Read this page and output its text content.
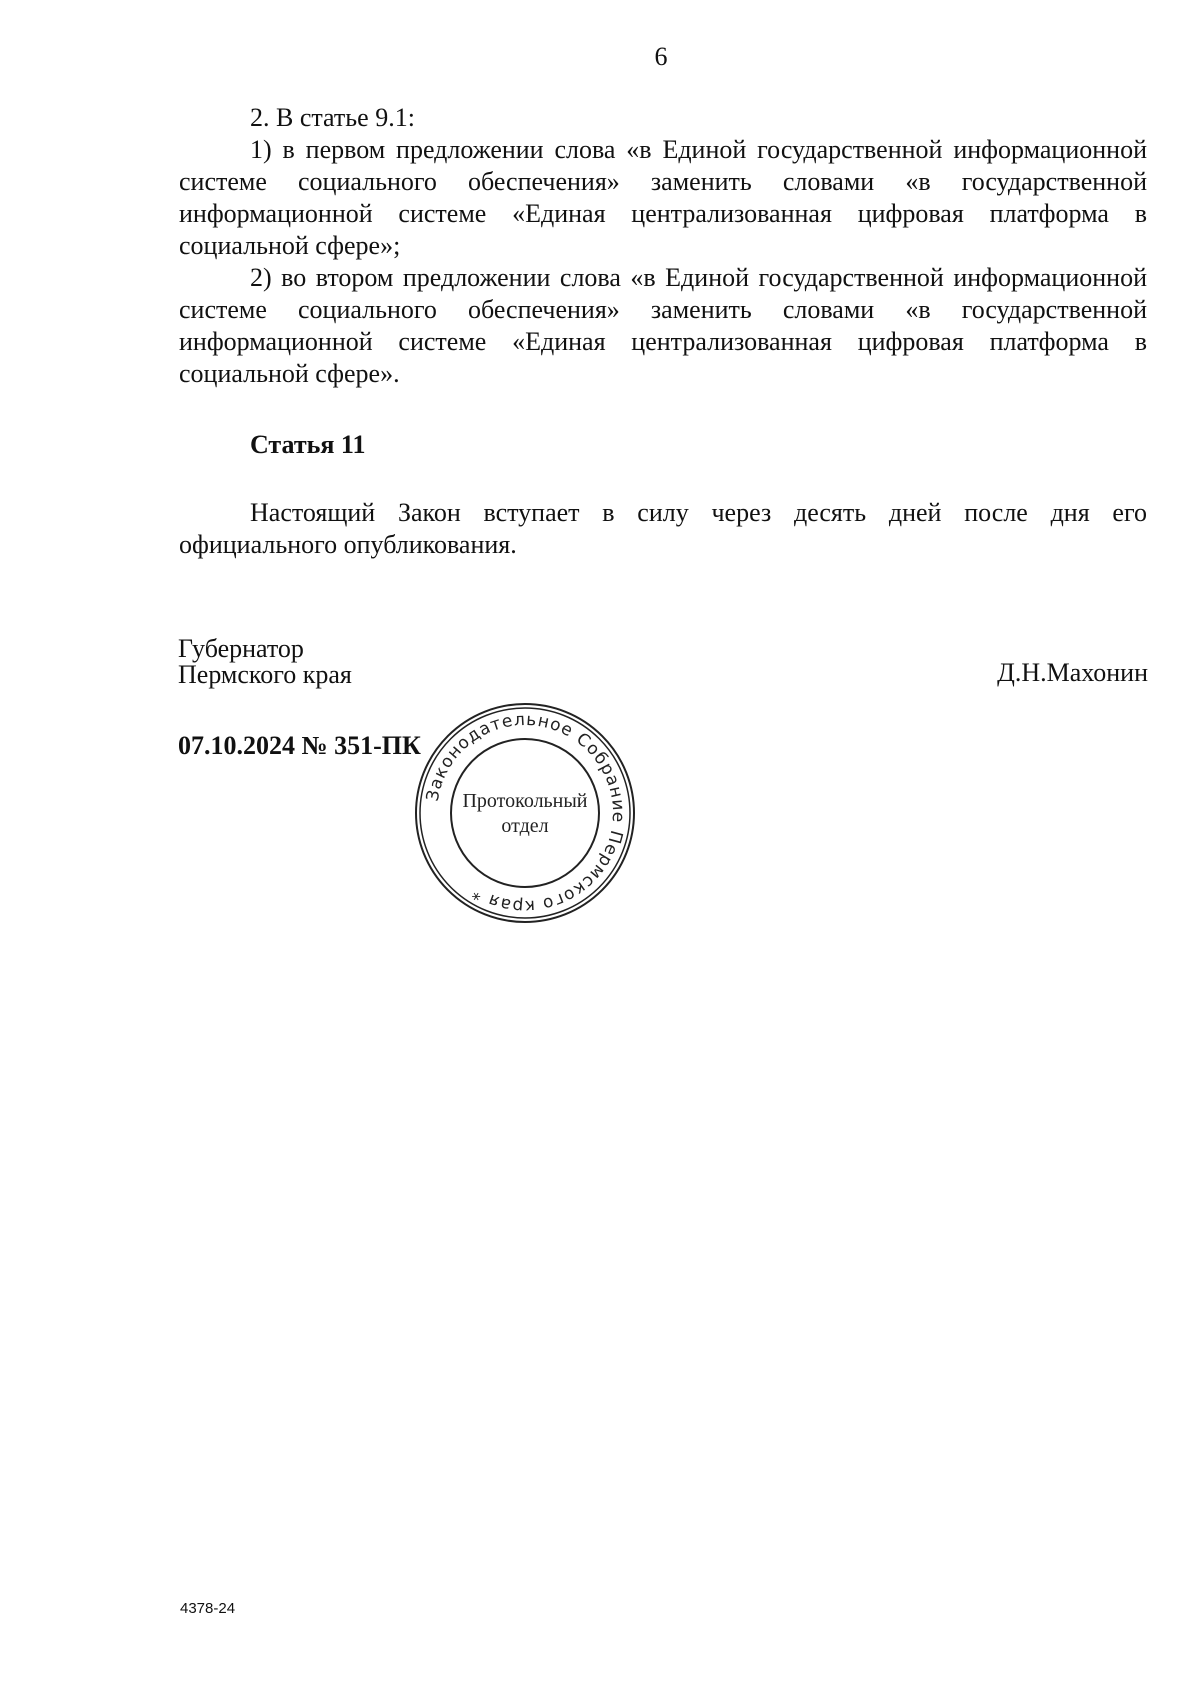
6

2. В статье 9.1:

1) в первом предложении слова «в Единой государственной информационной системе социального обеспечения» заменить словами «в государственной информационной системе «Единая централизованная цифровая платформа в социальной сфере»;

2) во втором предложении слова «в Единой государственной информационной системе социального обеспечения» заменить словами «в государственной информационной системе «Единая централизованная цифровая платформа в социальной сфере».

Статья 11

Настоящий Закон вступает в силу через десять дней после дня его официального опубликования.

Губернатор
Пермского края	Д.Н.Махонин
07.10.2024 № 351-ПК
Законодательное Собрание Пермского края *
Протокольный
отдел
4378-24
